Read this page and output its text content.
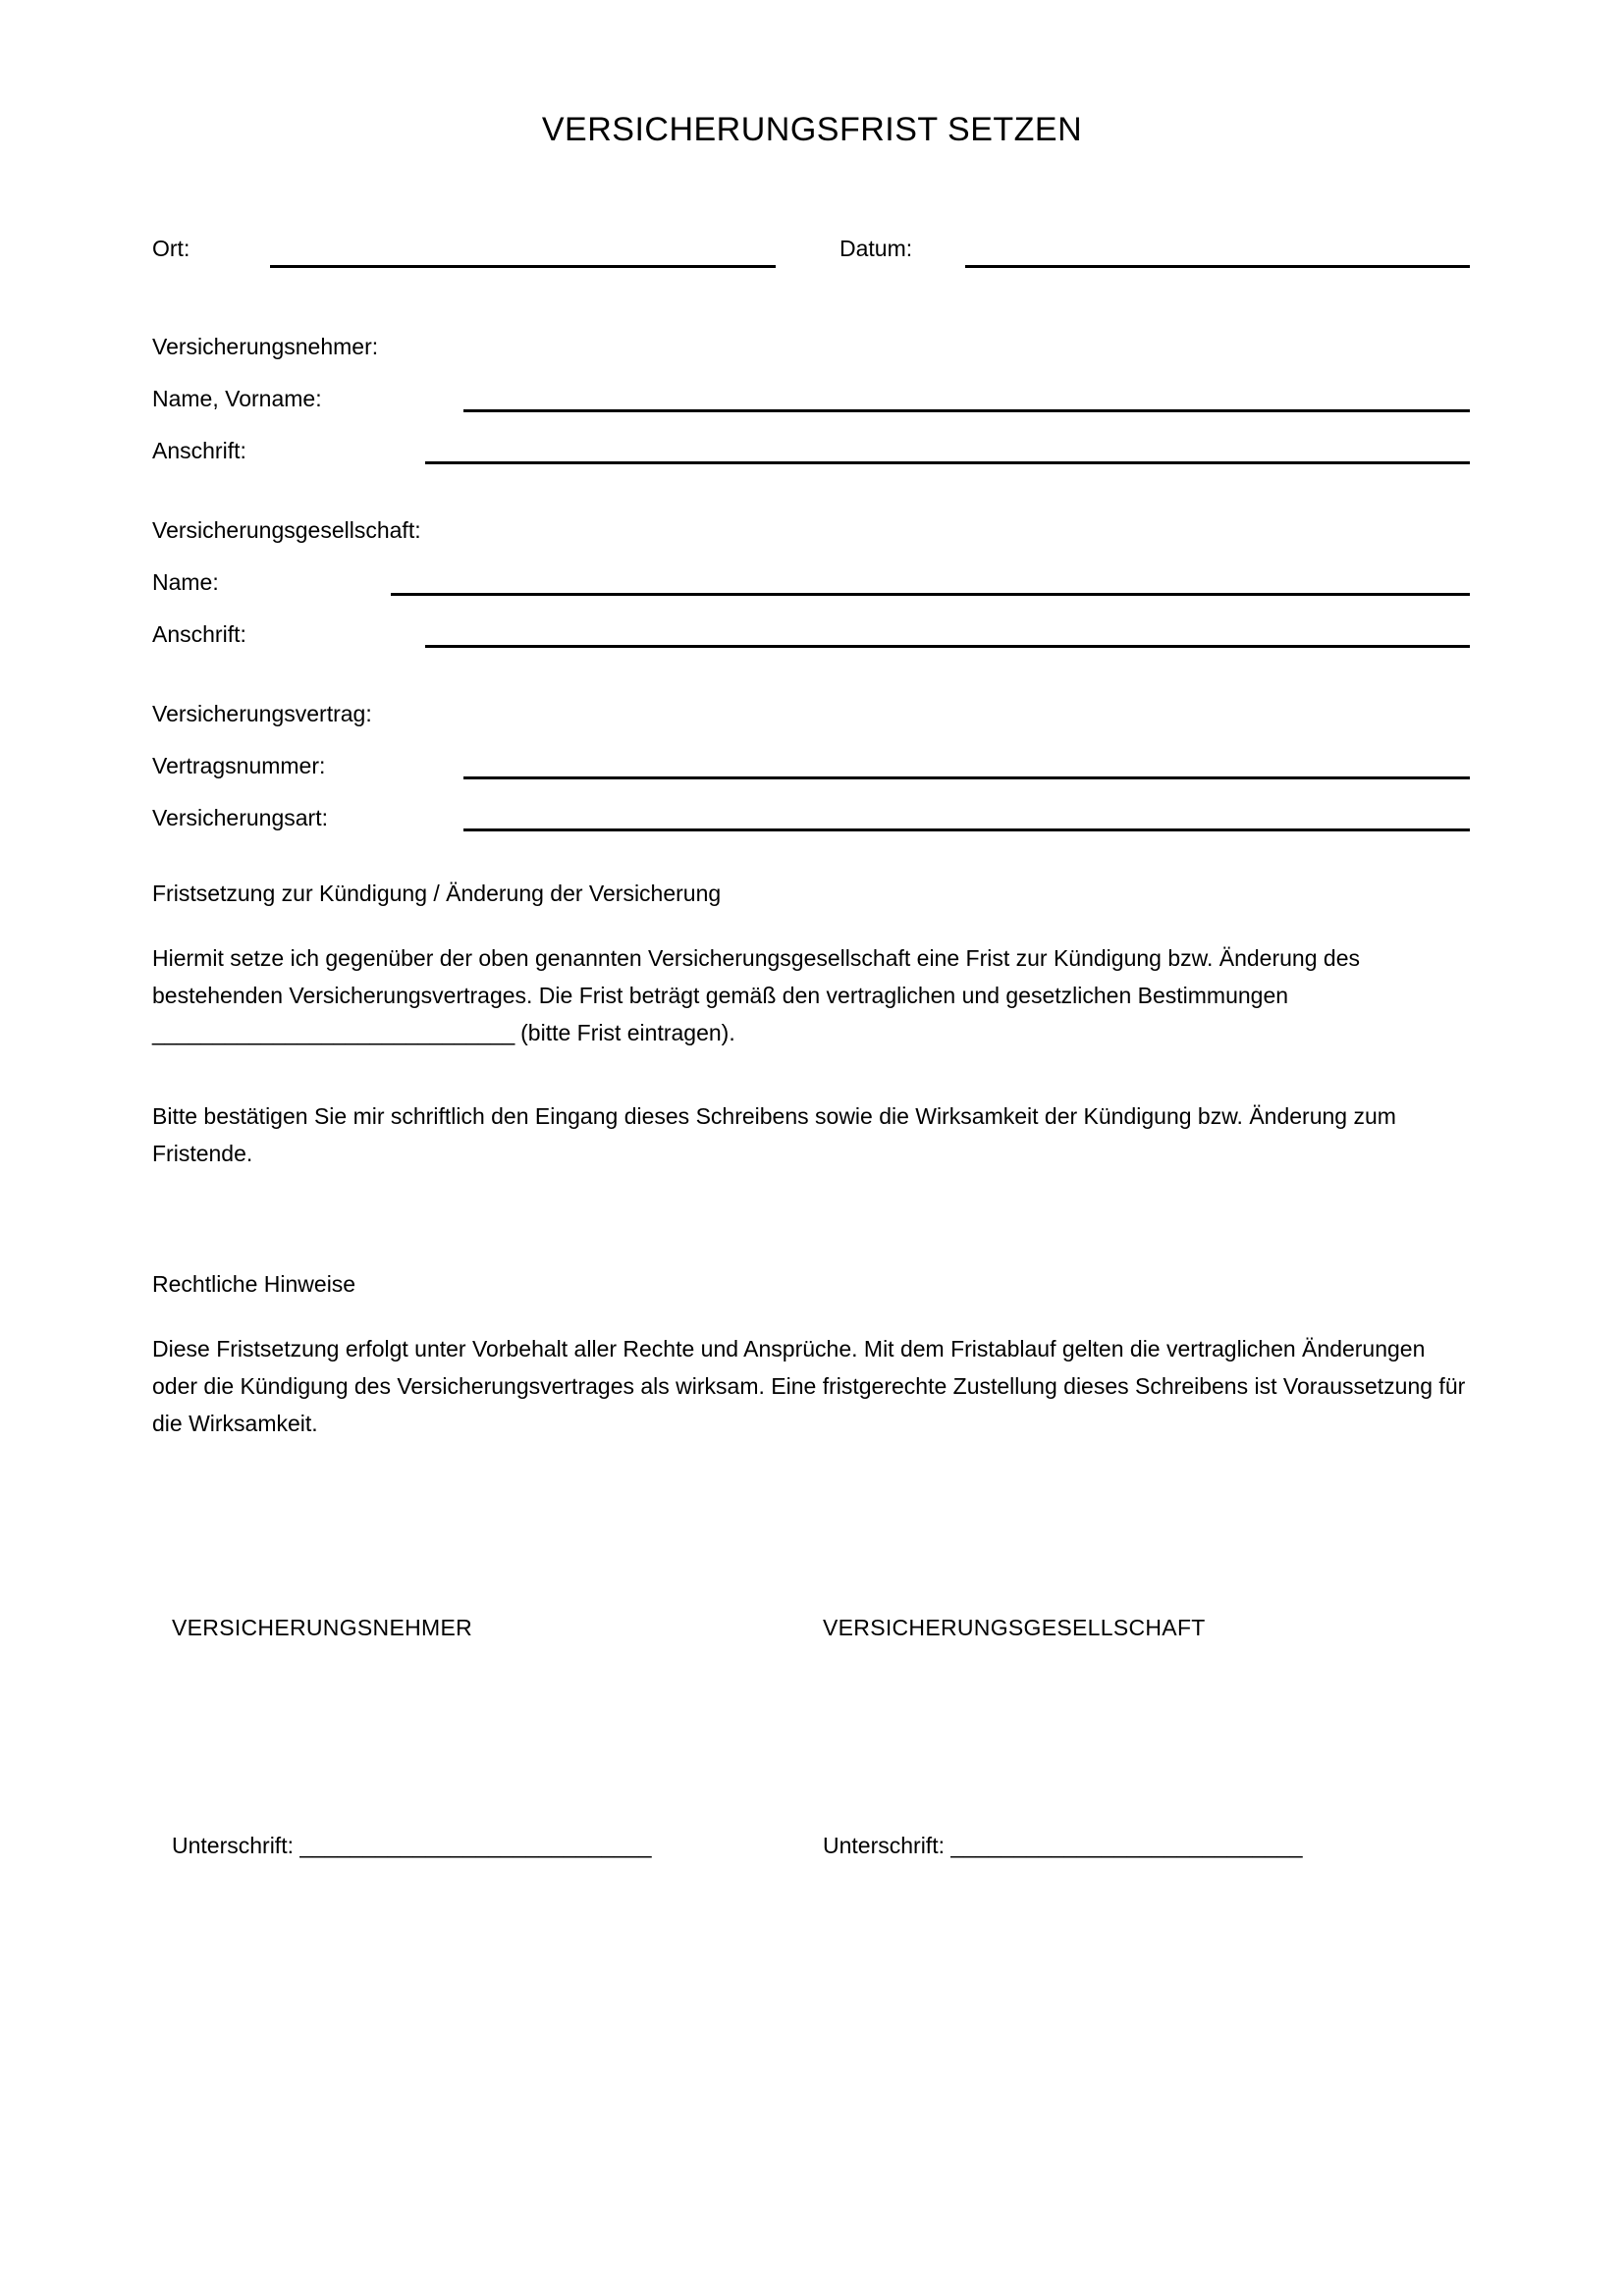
VERSICHERUNGSFRIST SETZEN
Ort:	Datum:
Versicherungsnehmer:
Name, Vorname:
Anschrift:
Versicherungsgesellschaft:
Name:
Anschrift:
Versicherungsvertrag:
Vertragsnummer:
Versicherungsart:
Fristsetzung zur Kündigung / Änderung der Versicherung
Hiermit setze ich gegenüber der oben genannten Versicherungsgesellschaft eine Frist zur Kündigung bzw. Änderung des bestehenden Versicherungsvertrages. Die Frist beträgt gemäß den vertraglichen und gesetzlichen Bestimmungen ______________________________ (bitte Frist eintragen).
Bitte bestätigen Sie mir schriftlich den Eingang dieses Schreibens sowie die Wirksamkeit der Kündigung bzw. Änderung zum Fristende.
Rechtliche Hinweise
Diese Fristsetzung erfolgt unter Vorbehalt aller Rechte und Ansprüche. Mit dem Fristablauf gelten die vertraglichen Änderungen oder die Kündigung des Versicherungsvertrages als wirksam. Eine fristgerechte Zustellung dieses Schreibens ist Voraussetzung für die Wirksamkeit.
VERSICHERUNGSNEHMER	VERSICHERUNGSGESELLSCHAFT
Unterschrift: ____________________________	Unterschrift: ____________________________
